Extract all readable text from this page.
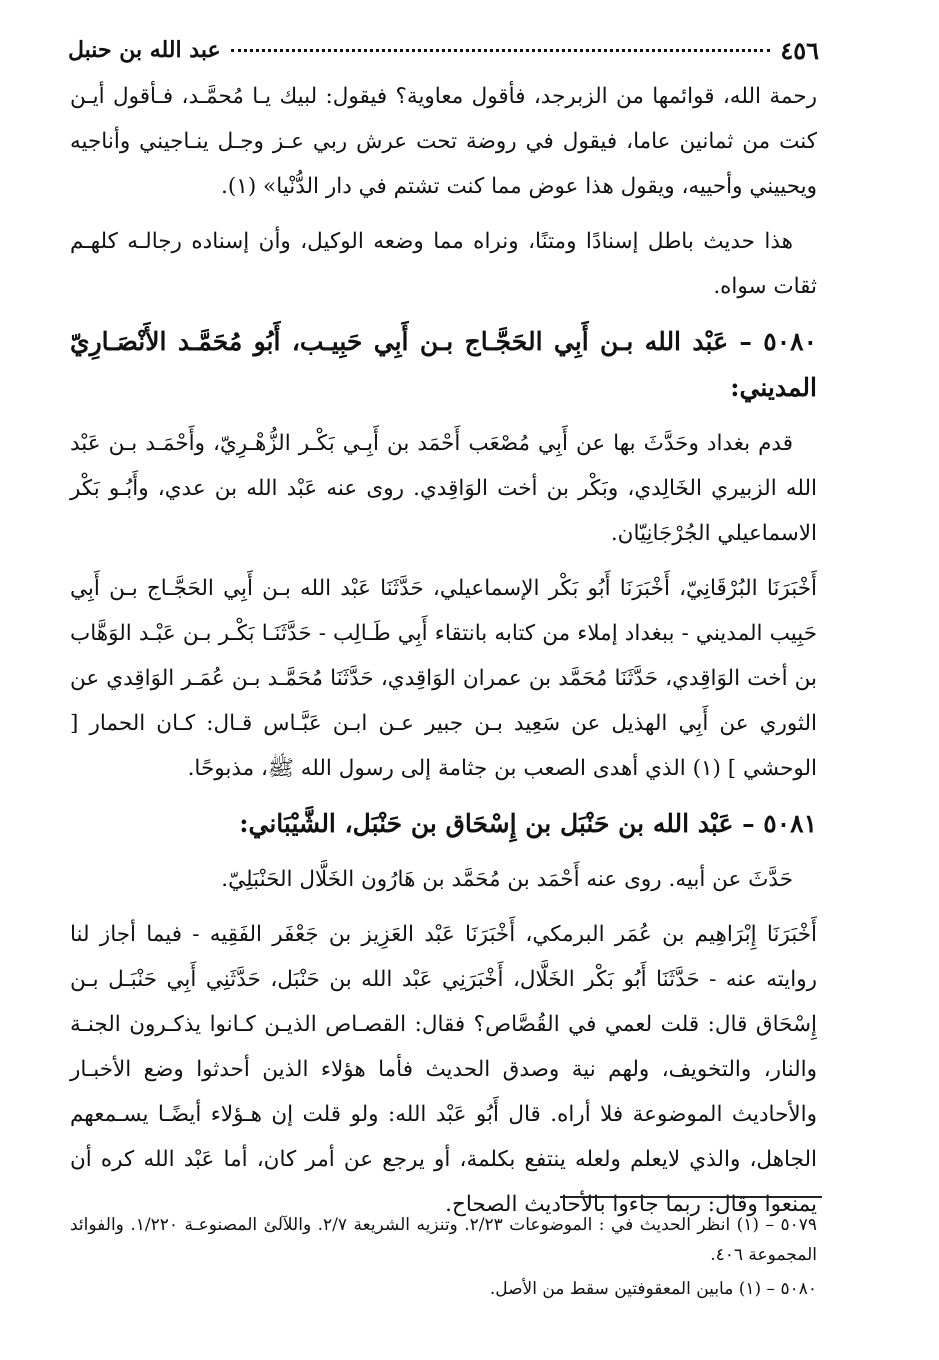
٤٥٦
عبد الله بن حنبل

رحمة الله، قوائمها من الزبرجد، فأقول معاوية؟ فيقول: لبيك يـا مُحمَّـد، فـأقول أيـن كنت من ثمانين عاما، فيقول في روضة تحت عرش ربي عـز وجـل ينـاجيني وأناجيه ويحييني وأحييه، ويقول هذا عوض مما كنت تشتم في دار الدُّنْيا» (١).

هذا حديث باطل إسنادًا ومتنًا، ونراه مما وضعه الوكيل، وأن إسناده رجالـه كلهـم ثقات سواه.

٥٠٨٠ – عَبْد الله بـن أَبِي الحَجَّـاج بـن أَبِي حَبِيـب، أَبُو مُحَمَّـد الأَنْصَـارِيّ المديني:

قدم بغداد وحَدَّثَ بها عن أَبِي مُصْعَب أَحْمَد بن أَبِـي بَكْـر الزُّهْـرِيّ، وأَحْمَـد بـن عَبْد الله الزبيري الخَالِدي، وبَكْر بن أخت الوَاقِدي. روى عنه عَبْد الله بن عدي، وأَبُـو بَكْر الاسماعيلي الجُرْجَانِيّان.

أَخْبَرَنَا البُرْقَانِيّ، أَخْبَرَنَا أَبُو بَكْر الإسماعيلي، حَدَّثَنَا عَبْد الله بـن أَبِي الحَجَّـاج بـن أَبِي حَبِيب المديني - ببغداد إملاء من كتابه بانتقاء أَبِي طَـالِب - حَدَّثَنَـا بَكْـر بـن عَبْـد الوَهَّاب بن أخت الوَاقِدي، حَدَّثَنَا مُحَمَّد بن عمران الوَاقِدي، حَدَّثَنَا مُحَمَّـد بـن عُمَـر الوَاقِدي عن الثوري عن أَبِي الهذيل عن سَعِيد بـن جبير عـن ابـن عَبَّـاس قـال: كـان الحمار [ الوحشي ] (١) الذي أهدى الصعب بن جثامة إلى رسول الله ﷺ، مذبوحًا.

٥٠٨١ – عَبْد الله بن حَنْبَل بن إِسْحَاق بن حَنْبَل، الشَّيْبَاني:

حَدَّثَ عن أبيه. روى عنه أَحْمَد بن مُحَمَّد بن هَارُون الخَلَّال الحَنْبَلِيّ.

أَخْبَرَنَا إِبْرَاهِيم بن عُمَر البرمكي، أَخْبَرَنَا عَبْد العَزِيز بن جَعْفَر الفَقِيه - فيما أجاز لنا روايته عنه - حَدَّثَنَا أَبُو بَكْر الخَلَّال، أَخْبَرَنِي عَبْد الله بن حَنْبَل، حَدَّثَنِي أَبِي حَنْبَـل بـن إِسْحَاق قال: قلت لعمي في القُصَّاص؟ فقال: القصـاص الذيـن كـانوا يذكـرون الجنـة والنار، والتخويف، ولهم نية وصدق الحديث فأما هؤلاء الذين أحدثوا وضع الأخبـار والأحاديث الموضوعة فلا أراه. قال أَبُو عَبْد الله: ولو قلت إن هـؤلاء أيضًـا يسـمعهم الجاهل، والذي لايعلم ولعله ينتفع بكلمة، أو يرجع عن أمر كان، أما عَبْد الله كره أن يمنعوا وقال: ربما جاءوا بالأحاديث الصحاح.

٥٠٧٩ – (١) انظر الحديث في : الموضوعات ٢/٢٣. وتنزيه الشريعة ٢/٧. واللآلئ المصنوعـة ١/٢٢٠. والفوائد المجموعة ٤٠٦.

٥٠٨٠ – (١) مابين المعقوفتين سقط من الأصل.
